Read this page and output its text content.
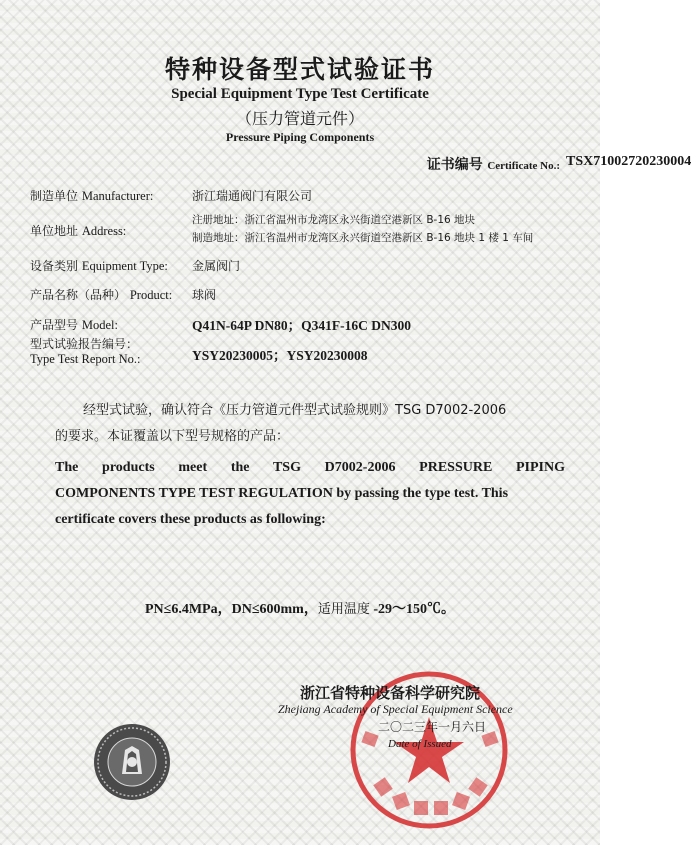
特种设备型式试验证书
Special Equipment Type Test Certificate
（压力管道元件）
Pressure Piping Components
证书编号 Certificate No.: TSX71002720230004
制造单位 Manufacturer:	浙江瑞通阀门有限公司
单位地址 Address:
注册地址：浙江省温州市龙湾区永兴街道空港新区 B-16 地块
制造地址：浙江省温州市龙湾区永兴街道空港新区 B-16 地块 1 楼 1 车间
设备类别 Equipment Type: 金属阀门
产品名称（品种） Product: 球阀
产品型号 Model:	Q41N-64P DN80；Q341F-16C DN300
型式试验报告编号：
Type Test Report No.:	YSY20230005；YSY20230008
经型式试验，确认符合《压力管道元件型式试验规则》TSG D7002-2006
的要求。本证覆盖以下型号规格的产品：
The products meet the TSG D7002-2006 PRESSURE PIPING
COMPONENTS TYPE TEST REGULATION by passing the type test. This
certificate covers these products as following:
PN≤6.4MPa，DN≤600mm，适用温度 -29～150℃。
浙江省特种设备科学研究院
Zhejiang Academy of Special Equipment Science
二〇二三年一月六日
Date of Issued
